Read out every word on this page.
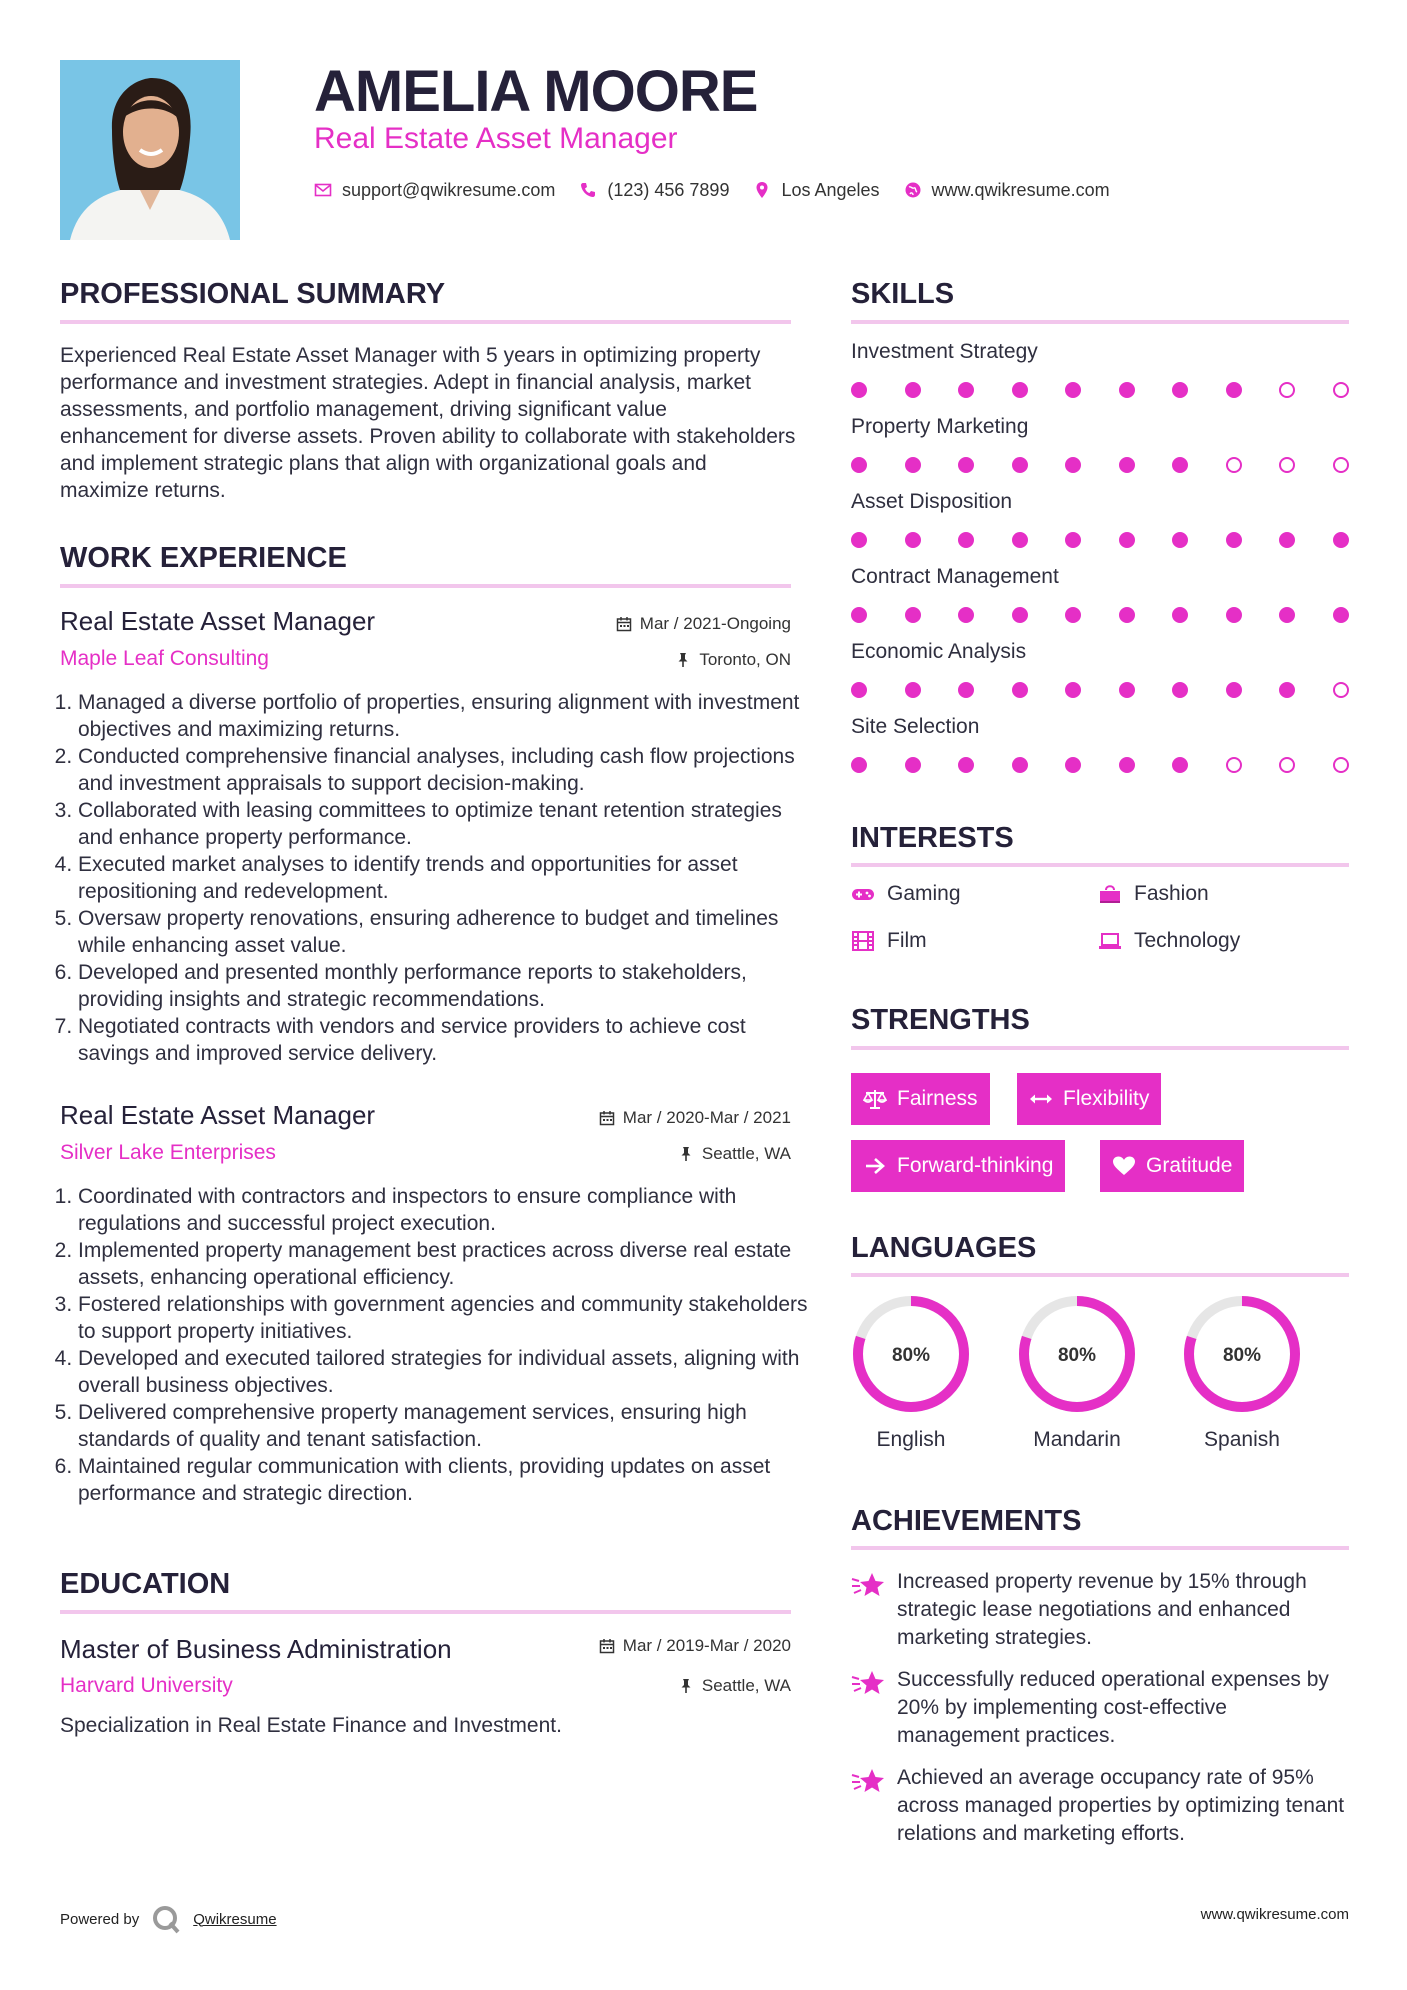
AMELIA MOORE
Real Estate Asset Manager
support@qwikresume.com	(123) 456 7899	Los Angeles	www.qwikresume.com
PROFESSIONAL SUMMARY
Experienced Real Estate Asset Manager with 5 years in optimizing property performance and investment strategies. Adept in financial analysis, market assessments, and portfolio management, driving significant value enhancement for diverse assets. Proven ability to collaborate with stakeholders and implement strategic plans that align with organizational goals and maximize returns.
WORK EXPERIENCE
Real Estate Asset Manager	Mar / 2021-Ongoing
Maple Leaf Consulting	Toronto, ON
1. Managed a diverse portfolio of properties, ensuring alignment with investment objectives and maximizing returns.
2. Conducted comprehensive financial analyses, including cash flow projections and investment appraisals to support decision-making.
3. Collaborated with leasing committees to optimize tenant retention strategies and enhance property performance.
4. Executed market analyses to identify trends and opportunities for asset repositioning and redevelopment.
5. Oversaw property renovations, ensuring adherence to budget and timelines while enhancing asset value.
6. Developed and presented monthly performance reports to stakeholders, providing insights and strategic recommendations.
7. Negotiated contracts with vendors and service providers to achieve cost savings and improved service delivery.
Real Estate Asset Manager	Mar / 2020-Mar / 2021
Silver Lake Enterprises	Seattle, WA
1. Coordinated with contractors and inspectors to ensure compliance with regulations and successful project execution.
2. Implemented property management best practices across diverse real estate assets, enhancing operational efficiency.
3. Fostered relationships with government agencies and community stakeholders to support property initiatives.
4. Developed and executed tailored strategies for individual assets, aligning with overall business objectives.
5. Delivered comprehensive property management services, ensuring high standards of quality and tenant satisfaction.
6. Maintained regular communication with clients, providing updates on asset performance and strategic direction.
EDUCATION
Master of Business Administration	Mar / 2019-Mar / 2020
Harvard University	Seattle, WA
Specialization in Real Estate Finance and Investment.
SKILLS
Investment Strategy
Property Marketing
Asset Disposition
Contract Management
Economic Analysis
Site Selection
INTERESTS
Gaming	Fashion
Film	Technology
STRENGTHS
Fairness	Flexibility
Forward-thinking	Gratitude
LANGUAGES
80%
English
80%
Mandarin
80%
Spanish
ACHIEVEMENTS
Increased property revenue by 15% through strategic lease negotiations and enhanced marketing strategies.
Successfully reduced operational expenses by 20% by implementing cost-effective management practices.
Achieved an average occupancy rate of 95% across managed properties by optimizing tenant relations and marketing efforts.
Powered by	Qwikresume	www.qwikresume.com
